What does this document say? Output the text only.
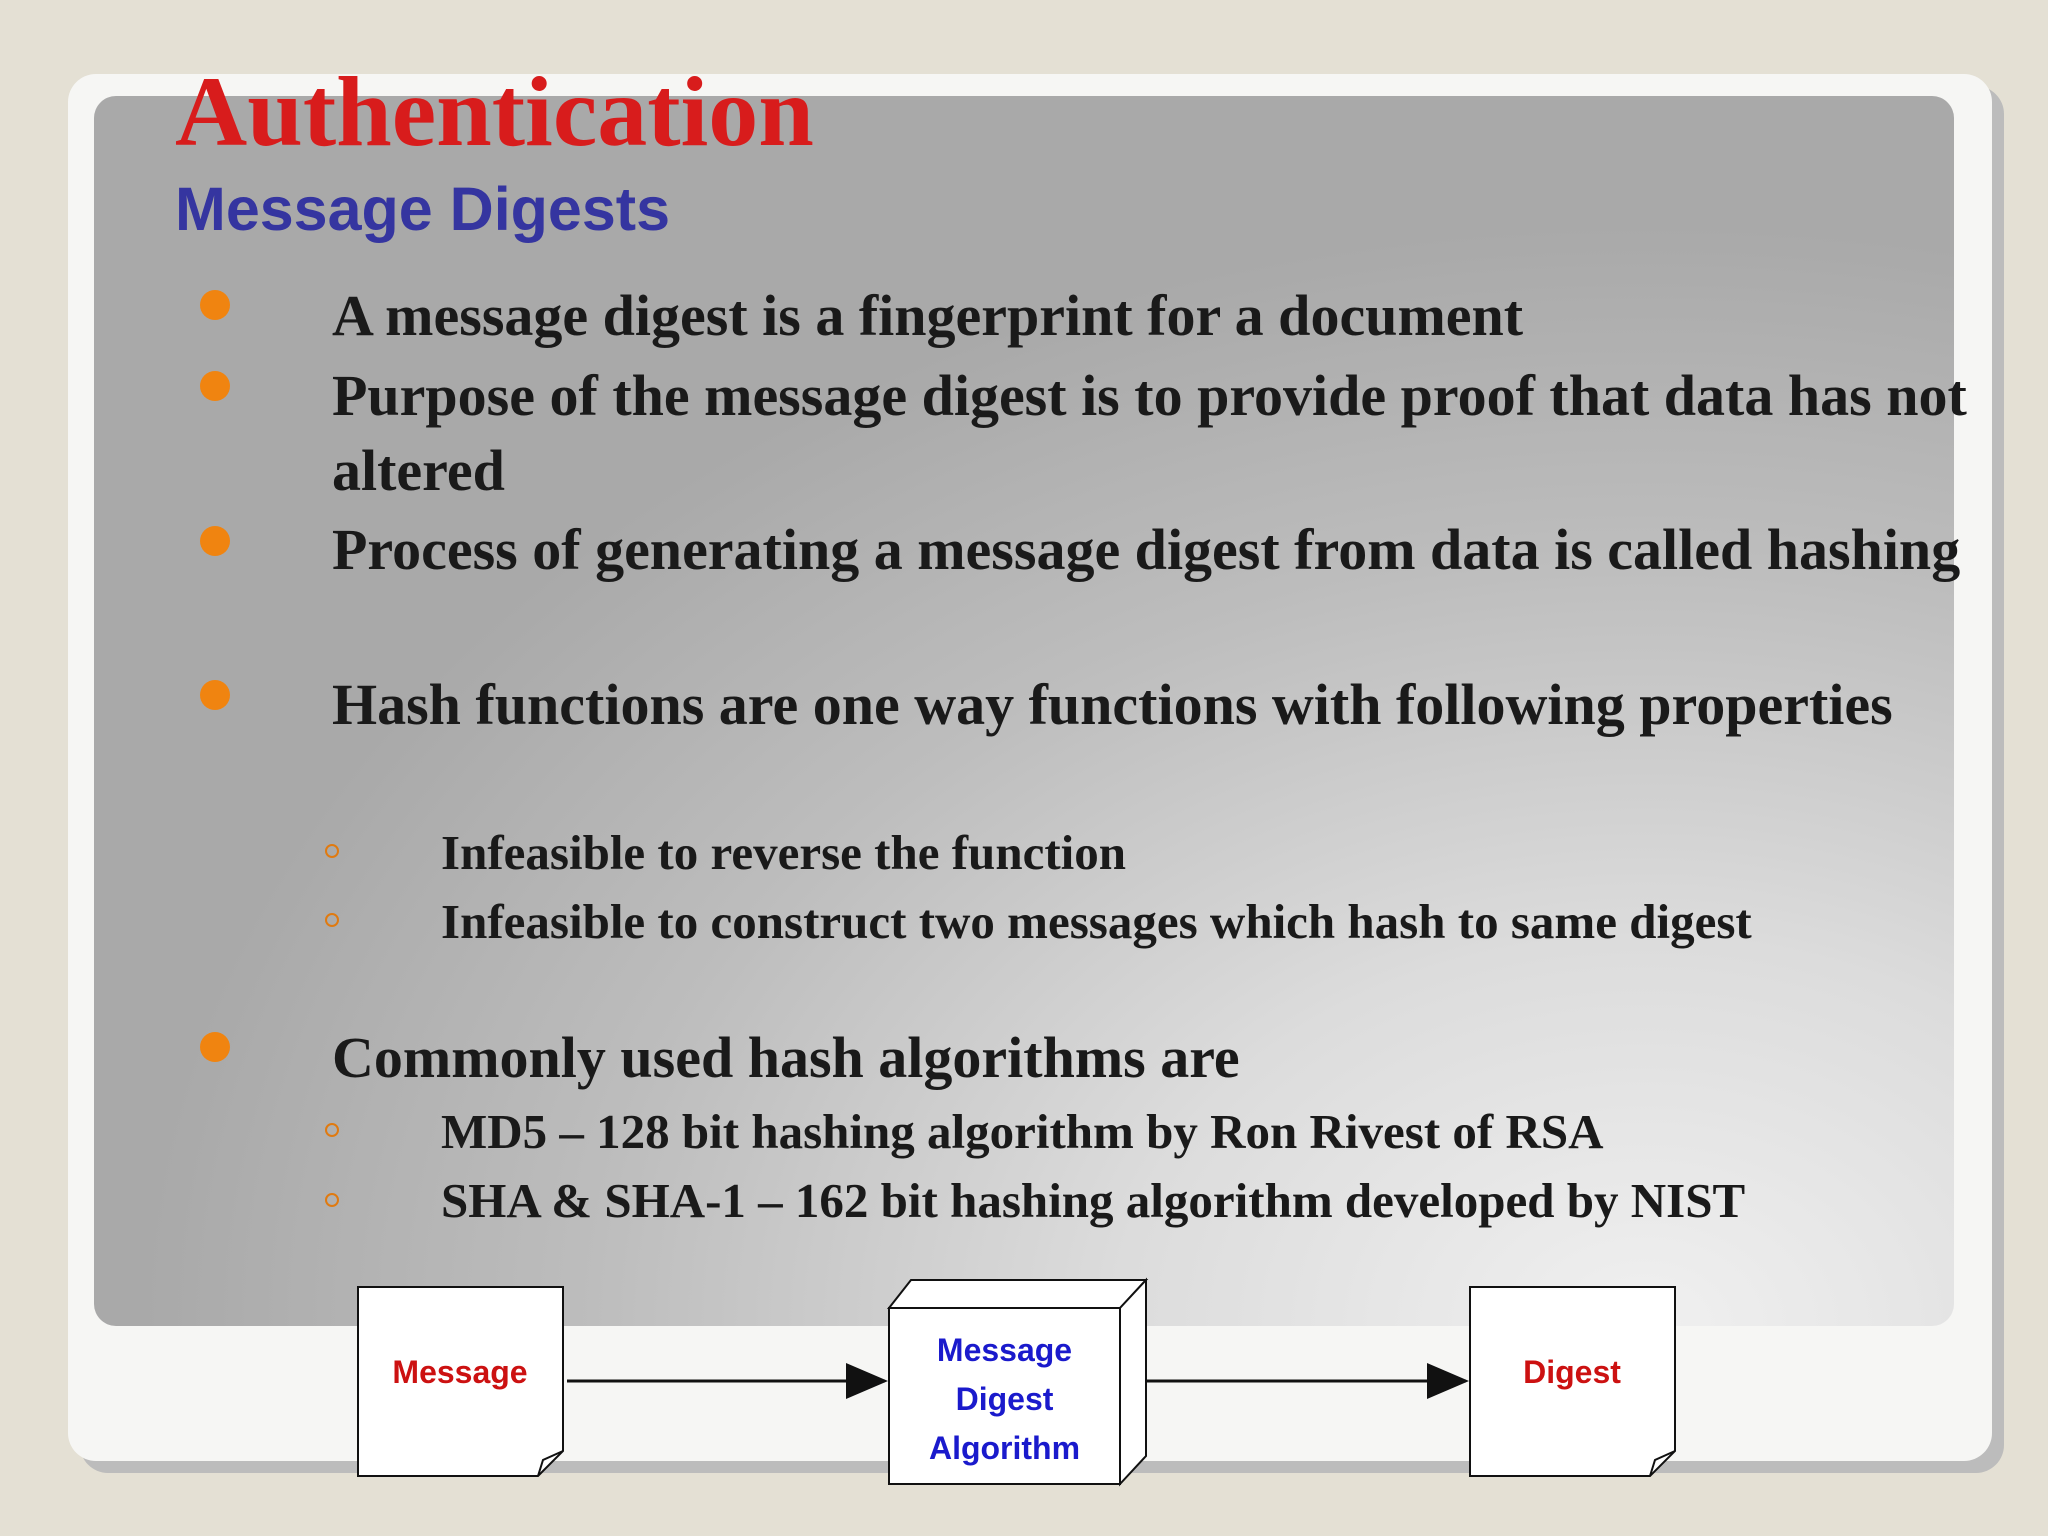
Authentication
Message Digests

A message digest is a fingerprint for a document

Purpose of the message digest is to provide proof that data has not altered

Process of generating a message digest from data is called hashing

Hash functions are one way functions with following properties

Infeasible to reverse the function

Infeasible to construct two messages which hash to same digest

Commonly used hash algorithms are

MD5 – 128 bit hashing algorithm by Ron Rivest of RSA

SHA & SHA-1 – 162 bit hashing algorithm developed by NIST

Message
Message
Digest
Algorithm
Digest
